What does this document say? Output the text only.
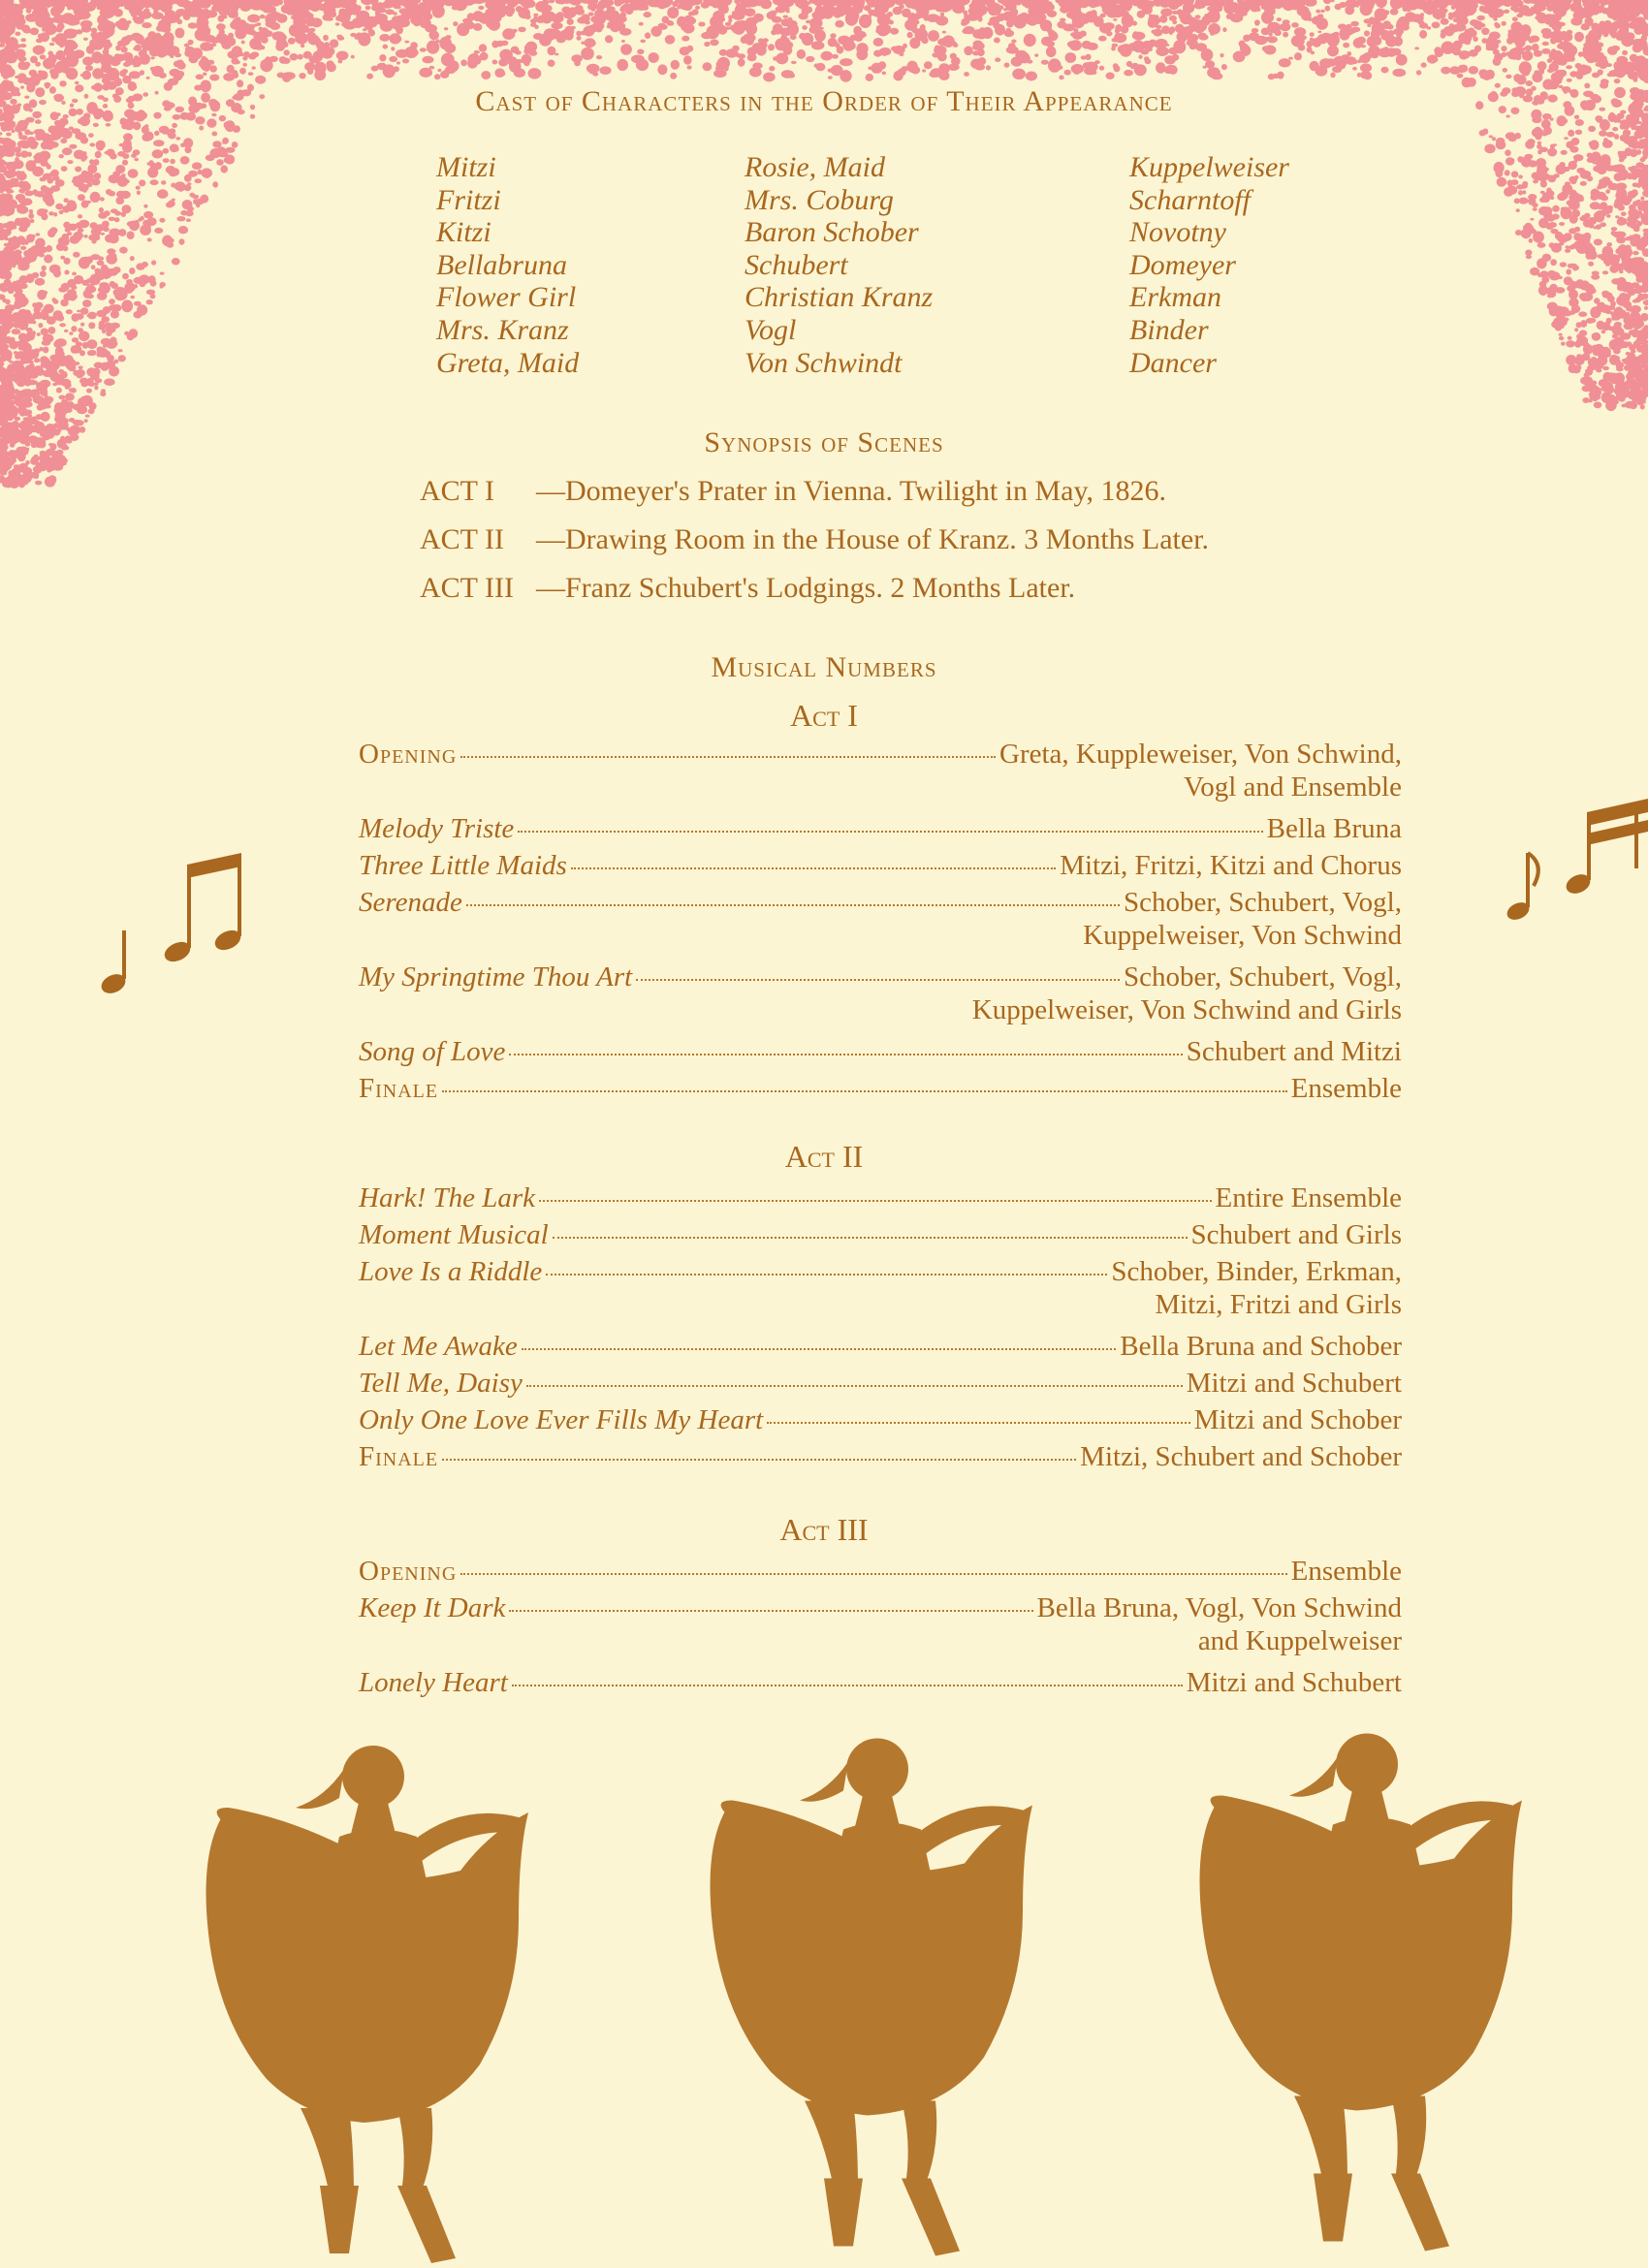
Cast of Characters in the Order of Their Appearance
Mitzi
Fritzi
Kitzi
Bellabruna
Flower Girl
Mrs. Kranz
Greta, Maid
Rosie, Maid
Mrs. Coburg
Baron Schober
Schubert
Christian Kranz
Vogl
Von Schwindt
Kuppelweiser
Scharntoff
Novotny
Domeyer
Erkman
Binder
Dancer
Synopsis of Scenes
ACT I —Domeyer's Prater in Vienna. Twilight in May, 1826.
ACT II —Drawing Room in the House of Kranz. 3 Months Later.
ACT III —Franz Schubert's Lodgings. 2 Months Later.
Musical Numbers
Act I
Opening	Greta, Kuppleweiser, Von Schwind,
Vogl and Ensemble
Melody Triste	Bella Bruna
Three Little Maids	Mitzi, Fritzi, Kitzi and Chorus
Serenade	Schober, Schubert, Vogl,
Kuppelweiser, Von Schwind
My Springtime Thou Art	Schober, Schubert, Vogl,
Kuppelweiser, Von Schwind and Girls
Song of Love	Schubert and Mitzi
Finale	Ensemble
Act II
Hark! The Lark	Entire Ensemble
Moment Musical	Schubert and Girls
Love Is a Riddle	Schober, Binder, Erkman,
Mitzi, Fritzi and Girls
Let Me Awake	Bella Bruna and Schober
Tell Me, Daisy	Mitzi and Schubert
Only One Love Ever Fills My Heart	Mitzi and Schober
Finale	Mitzi, Schubert and Schober
Act III
Opening	Ensemble
Keep It Dark	Bella Bruna, Vogl, Von Schwind
and Kuppelweiser
Lonely Heart	Mitzi and Schubert
